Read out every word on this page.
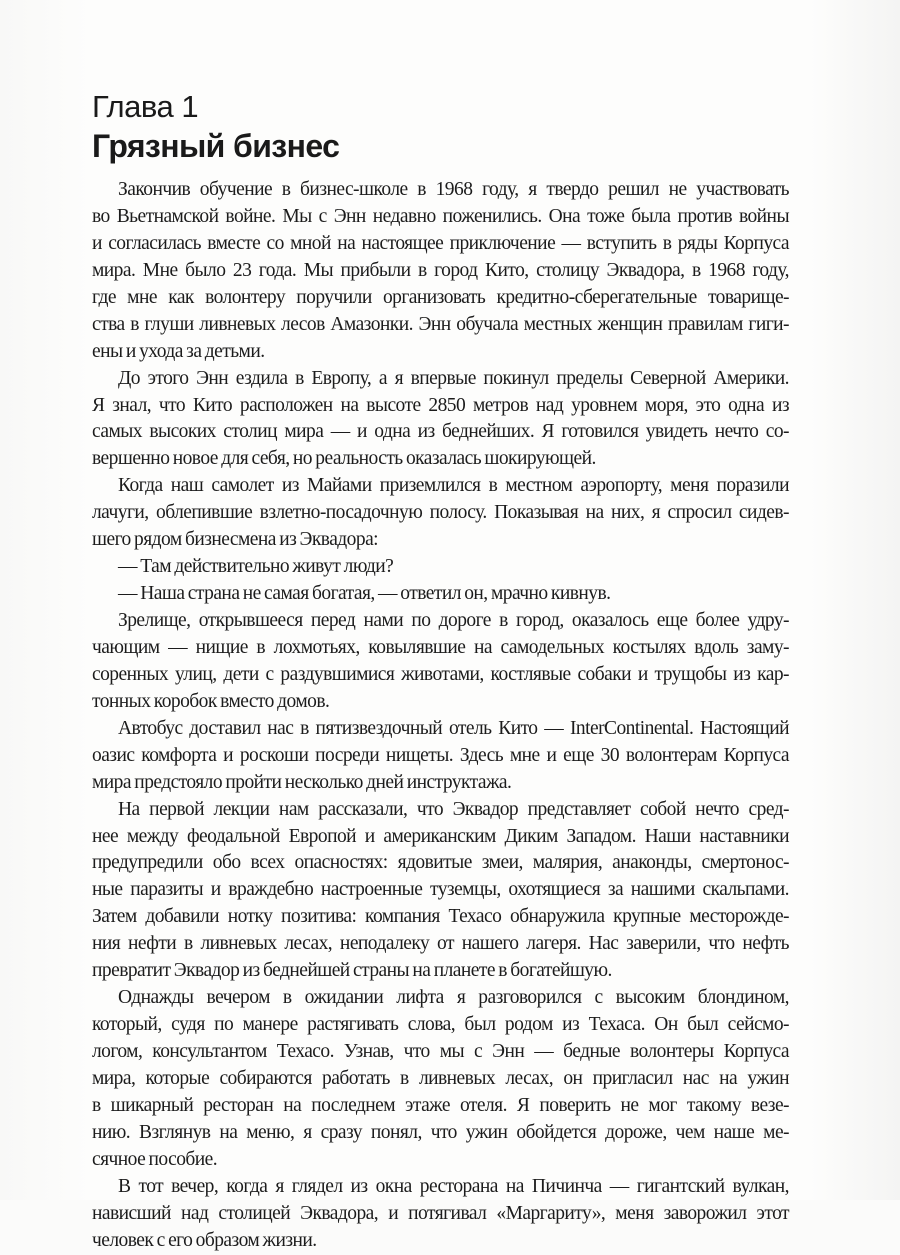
Глава 1
Грязный бизнес
Закончив обучение в бизнес-школе в 1968 году, я твердо решил не участвовать
во Вьетнамской войне. Мы с Энн недавно поженились. Она тоже была против войны
и согласилась вместе со мной на настоящее приключение — вступить в ряды Корпуса
мира. Мне было 23 года. Мы прибыли в город Кито, столицу Эквадора, в 1968 году,
где мне как волонтеру поручили организовать кредитно-сберегательные товарище-
ства в глуши ливневых лесов Амазонки. Энн обучала местных женщин правилам гиги-
ены и ухода за детьми.
До этого Энн ездила в Европу, а я впервые покинул пределы Северной Америки.
Я знал, что Кито расположен на высоте 2850 метров над уровнем моря, это одна из
самых высоких столиц мира — и одна из беднейших. Я готовился увидеть нечто со-
вершенно новое для себя, но реальность оказалась шокирующей.
Когда наш самолет из Майами приземлился в местном аэропорту, меня поразили
лачуги, облепившие взлетно-посадочную полосу. Показывая на них, я спросил сидев-
шего рядом бизнесмена из Эквадора:
— Там действительно живут люди?
— Наша страна не самая богатая, — ответил он, мрачно кивнув.
Зрелище, открывшееся перед нами по дороге в город, оказалось еще более удру-
чающим — нищие в лохмотьях, ковылявшие на самодельных костылях вдоль заму-
соренных улиц, дети с раздувшимися животами, костлявые собаки и трущобы из кар-
тонных коробок вместо домов.
Автобус доставил нас в пятизвездочный отель Кито — InterContinental. Настоящий
оазис комфорта и роскоши посреди нищеты. Здесь мне и еще 30 волонтерам Корпуса
мира предстояло пройти несколько дней инструктажа.
На первой лекции нам рассказали, что Эквадор представляет собой нечто сред-
нее между феодальной Европой и американским Диким Западом. Наши наставники
предупредили обо всех опасностях: ядовитые змеи, малярия, анаконды, смертонос-
ные паразиты и враждебно настроенные туземцы, охотящиеся за нашими скальпами.
Затем добавили нотку позитива: компания Техасо обнаружила крупные месторожде-
ния нефти в ливневых лесах, неподалеку от нашего лагеря. Нас заверили, что нефть
превратит Эквадор из беднейшей страны на планете в богатейшую.
Однажды вечером в ожидании лифта я разговорился с высоким блондином,
который, судя по манере растягивать слова, был родом из Техаса. Он был сейсмо-
логом, консультантом Техасо. Узнав, что мы с Энн — бедные волонтеры Корпуса
мира, которые собираются работать в ливневых лесах, он пригласил нас на ужин
в шикарный ресторан на последнем этаже отеля. Я поверить не мог такому везе-
нию. Взглянув на меню, я сразу понял, что ужин обойдется дороже, чем наше ме-
сячное пособие.
В тот вечер, когда я глядел из окна ресторана на Пичинча — гигантский вулкан,
нависший над столицей Эквадора, и потягивал «Маргариту», меня заворожил этот
человек с его образом жизни.
